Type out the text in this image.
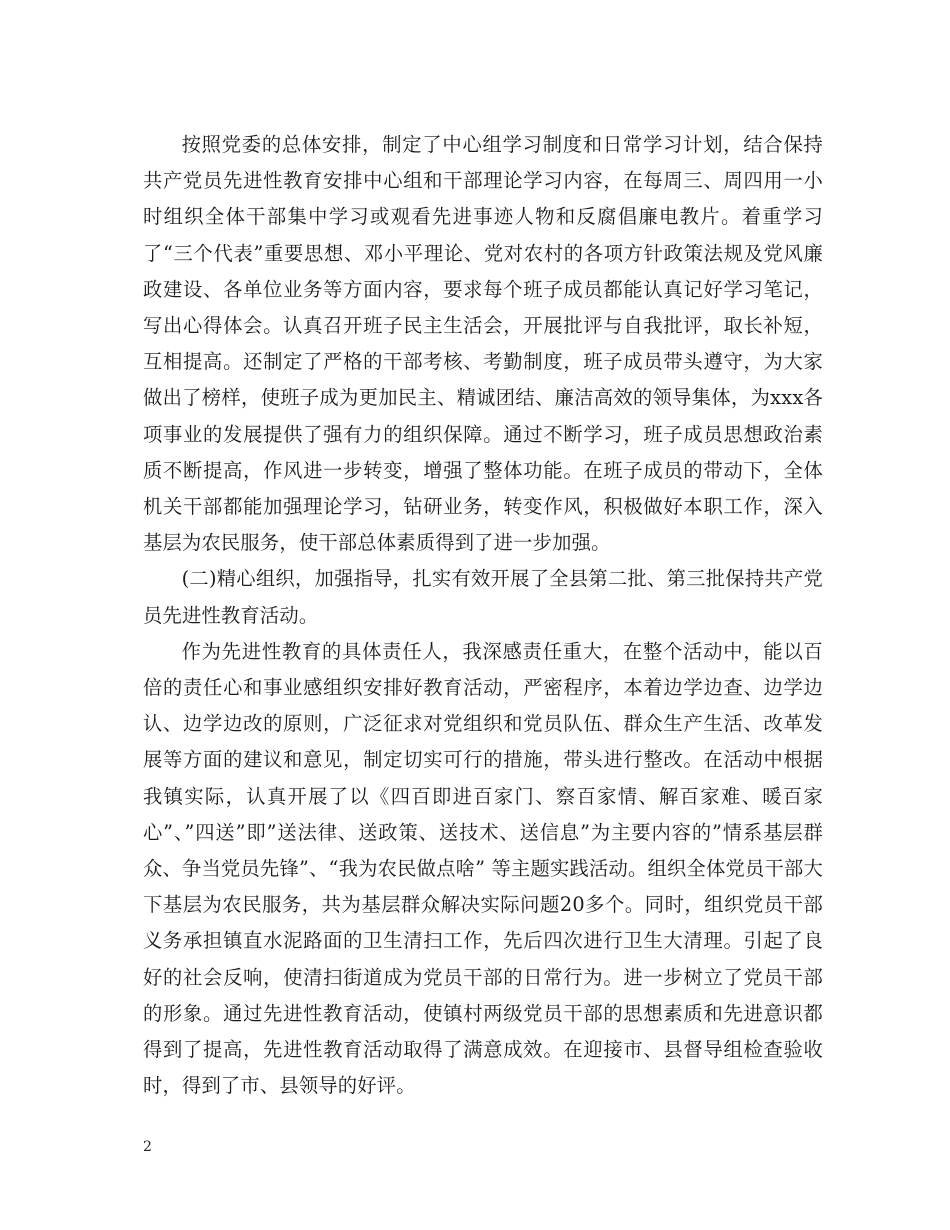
按照党委的总体安排，制定了中心组学习制度和日常学习计划，结合保持共产党员先进性教育安排中心组和干部理论学习内容，在每周三、周四用一小时组织全体干部集中学习或观看先进事迹人物和反腐倡廉电教片。着重学习了“三个代表”重要思想、邓小平理论、党对农村的各项方针政策法规及党风廉政建设、各单位业务等方面内容，要求每个班子成员都能认真记好学习笔记，写出心得体会。认真召开班子民主生活会，开展批评与自我批评，取长补短，互相提高。还制定了严格的干部考核、考勤制度，班子成员带头遵守，为大家做出了榜样，使班子成为更加民主、精诚团结、廉洁高效的领导集体，为xxx各项事业的发展提供了强有力的组织保障。通过不断学习，班子成员思想政治素质不断提高，作风进一步转变，增强了整体功能。在班子成员的带动下，全体机关干部都能加强理论学习，钻研业务，转变作风，积极做好本职工作，深入基层为农民服务，使干部总体素质得到了进一步加强。

(二)精心组织，加强指导，扎实有效开展了全县第二批、第三批保持共产党员先进性教育活动。

作为先进性教育的具体责任人，我深感责任重大，在整个活动中，能以百倍的责任心和事业感组织安排好教育活动，严密程序，本着边学边查、边学边认、边学边改的原则，广泛征求对党组织和党员队伍、群众生产生活、改革发展等方面的建议和意见，制定切实可行的措施，带头进行整改。在活动中根据我镇实际，认真开展了以《四百即进百家门、察百家情、解百家难、暖百家心”、”四送”即”送法律、送政策、送技术、送信息”为主要内容的”情系基层群众、争当党员先锋”、“我为农民做点啥” 等主题实践活动。组织全体党员干部大下基层为农民服务，共为基层群众解决实际问题20多个。同时，组织党员干部义务承担镇直水泥路面的卫生清扫工作，先后四次进行卫生大清理。引起了良好的社会反响，使清扫街道成为党员干部的日常行为。进一步树立了党员干部的形象。通过先进性教育活动，使镇村两级党员干部的思想素质和先进意识都得到了提高，先进性教育活动取得了满意成效。在迎接市、县督导组检查验收时，得到了市、县领导的好评。

2
